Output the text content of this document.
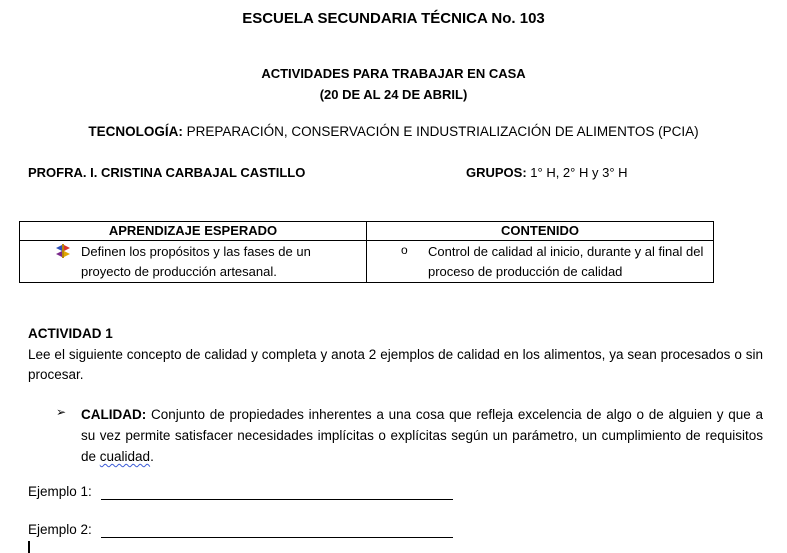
ESCUELA SECUNDARIA TÉCNICA No. 103
ACTIVIDADES PARA TRABAJAR EN CASA
(20 DE AL 24 DE ABRIL)
TECNOLOGÍA: PREPARACIÓN, CONSERVACIÓN E INDUSTRIALIZACIÓN DE ALIMENTOS (PCIA)
PROFRA. I. CRISTINA CARBAJAL CASTILLO	GRUPOS: 1° H, 2° H y 3° H
APRENDIZAJE ESPERADO	CONTENIDO

Definen los propósitos y las fases de un proyecto de producción artesanal.	o Control de calidad al inicio, durante y al final del proceso de producción de calidad
ACTIVIDAD 1
Lee el siguiente concepto de calidad y completa y anota 2 ejemplos de calidad en los alimentos, ya sean procesados o sin procesar.
➢ CALIDAD: Conjunto de propiedades inherentes a una cosa que refleja excelencia de algo o de alguien y que a su vez permite satisfacer necesidades implícitas o explícitas según un parámetro, un cumplimiento de requisitos de cualidad.
Ejemplo 1:
Ejemplo 2:
